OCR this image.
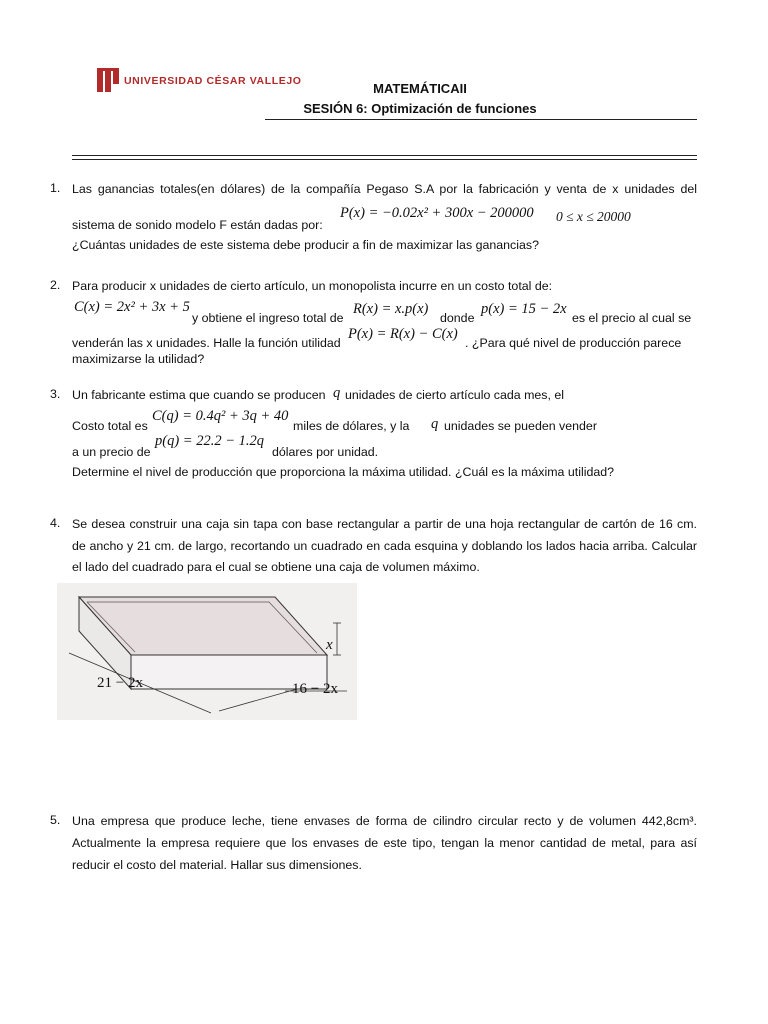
UNIVERSIDAD CÉSAR VALLEJO	MATEMÁTICAII
SESIÓN 6: Optimización de funciones
1. Las ganancias totales(en dólares) de la compañía Pegaso S.A por la fabricación y venta de x unidades del
sistema de sonido modelo F están dadas por:
P(x) = −0.02x² + 300x − 200000 0 ≤ x ≤ 20000
¿Cuántas unidades de este sistema debe producir a fin de maximizar las ganancias?
2. Para producir x unidades de cierto artículo, un monopolista incurre en un costo total de:
C(x) = 2x² + 3x + 5
y obtiene el ingreso total de
R(x) = x.p(x)
donde
p(x) = 15 − 2x
es el precio al cual se
venderán las x unidades. Halle la función utilidad
P(x) = R(x) − C(x)
. ¿Para qué nivel de producción parece
maximizarse la utilidad?
3. Un fabricante estima que cuando se producen q unidades de cierto artículo cada mes, el
Costo total es
C(q) = 0.4q² + 3q + 40
miles de dólares, y la q unidades se pueden vender
a un precio de
p(q) = 22.2 − 1.2q
dólares por unidad.
Determine el nivel de producción que proporciona la máxima utilidad. ¿Cuál es la máxima utilidad?
4. Se desea construir una caja sin tapa con base rectangular a partir de una hoja rectangular de cartón de 16 cm.
de ancho y 21 cm. de largo, recortando un cuadrado en cada esquina y doblando los lados hacia arriba. Calcular
el lado del cuadrado para el cual se obtiene una caja de volumen máximo.
x
21 − 2x	16 − 2x
5. Una empresa que produce leche, tiene envases de forma de cilindro circular recto y de volumen 442,8cm³.
Actualmente la empresa requiere que los envases de este tipo, tengan la menor cantidad de metal, para así
reducir el costo del material. Hallar sus dimensiones.
